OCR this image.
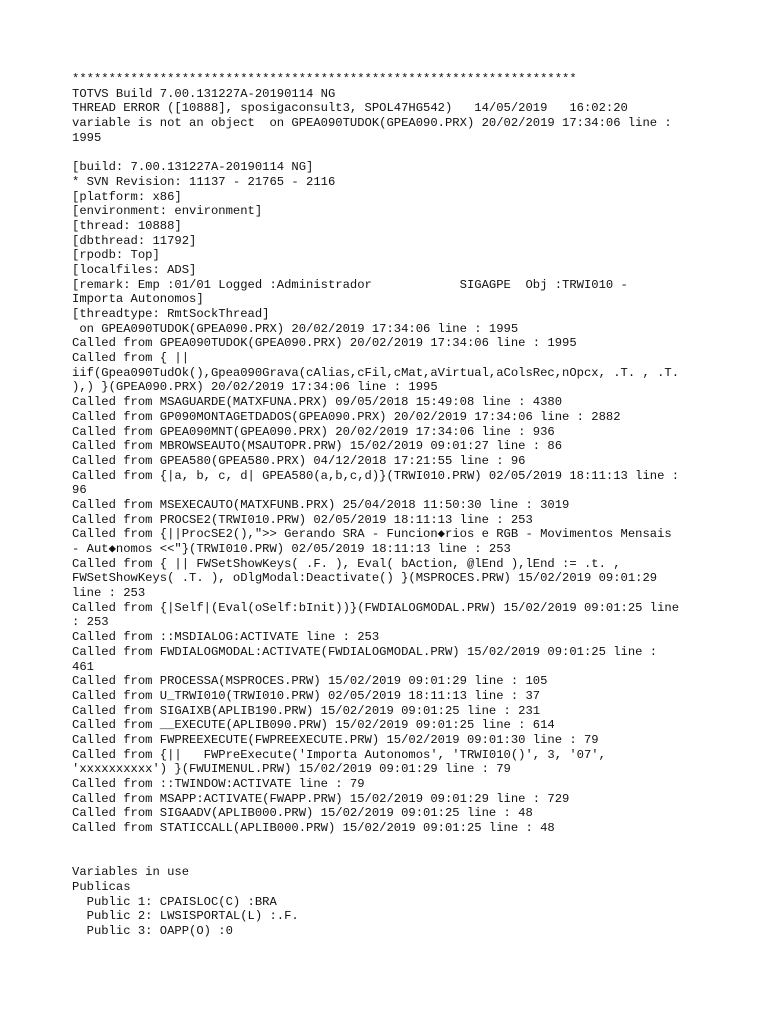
*********************************************************************
TOTVS Build 7.00.131227A-20190114 NG
THREAD ERROR ([10888], sposigaconsult3, SPOL47HG542)   14/05/2019   16:02:20
variable is not an object  on GPEA090TUDOK(GPEA090.PRX) 20/02/2019 17:34:06 line :
1995
[build: 7.00.131227A-20190114 NG]
* SVN Revision: 11137 - 21765 - 2116
[platform: x86]
[environment: environment]
[thread: 10888]
[dbthread: 11792]
[rpodb: Top]
[localfiles: ADS]
[remark: Emp :01/01 Logged :Administrador            SIGAGPE  Obj :TRWI010 -
Importa Autonomos]
[threadtype: RmtSockThread]
on GPEA090TUDOK(GPEA090.PRX) 20/02/2019 17:34:06 line : 1995
Called from GPEA090TUDOK(GPEA090.PRX) 20/02/2019 17:34:06 line : 1995
Called from { ||
iif(Gpea090TudOk(),Gpea090Grava(cAlias,cFil,cMat,aVirtual,aColsRec,nOpcx, .T. , .T.
),) }(GPEA090.PRX) 20/02/2019 17:34:06 line : 1995
Called from MSAGUARDE(MATXFUNA.PRX) 09/05/2018 15:49:08 line : 4380
Called from GP090MONTAGETDADOS(GPEA090.PRX) 20/02/2019 17:34:06 line : 2882
Called from GPEA090MNT(GPEA090.PRX) 20/02/2019 17:34:06 line : 936
Called from MBROWSEAUTO(MSAUTOPR.PRW) 15/02/2019 09:01:27 line : 86
Called from GPEA580(GPEA580.PRX) 04/12/2018 17:21:55 line : 96
Called from {|a, b, c, d| GPEA580(a,b,c,d)}(TRWI010.PRW) 02/05/2019 18:11:13 line :
96
Called from MSEXECAUTO(MATXFUNB.PRX) 25/04/2018 11:50:30 line : 3019
Called from PROCSE2(TRWI010.PRW) 02/05/2019 18:11:13 line : 253
Called from {||ProcSE2(),">> Gerando SRA - Funcion◆rios e RGB - Movimentos Mensais
- Aut◆nomos <<"}(TRWI010.PRW) 02/05/2019 18:11:13 line : 253
Called from { || FWSetShowKeys( .F. ), Eval( bAction, @lEnd ),lEnd := .t. ,
FWSetShowKeys( .T. ), oDlgModal:Deactivate() }(MSPROCES.PRW) 15/02/2019 09:01:29
line : 253
Called from {|Self|(Eval(oSelf:bInit))}(FWDIALOGMODAL.PRW) 15/02/2019 09:01:25 line
: 253
Called from ::MSDIALOG:ACTIVATE line : 253
Called from FWDIALOGMODAL:ACTIVATE(FWDIALOGMODAL.PRW) 15/02/2019 09:01:25 line :
461
Called from PROCESSA(MSPROCES.PRW) 15/02/2019 09:01:29 line : 105
Called from U_TRWI010(TRWI010.PRW) 02/05/2019 18:11:13 line : 37
Called from SIGAIXB(APLIB190.PRW) 15/02/2019 09:01:25 line : 231
Called from __EXECUTE(APLIB090.PRW) 15/02/2019 09:01:25 line : 614
Called from FWPREEXECUTE(FWPREEXECUTE.PRW) 15/02/2019 09:01:30 line : 79
Called from {||   FWPreExecute('Importa Autonomos', 'TRWI010()', 3, '07',
'xxxxxxxxxx') }(FWUIMENUL.PRW) 15/02/2019 09:01:29 line : 79
Called from ::TWINDOW:ACTIVATE line : 79
Called from MSAPP:ACTIVATE(FWAPP.PRW) 15/02/2019 09:01:29 line : 729
Called from SIGAADV(APLIB000.PRW) 15/02/2019 09:01:25 line : 48
Called from STATICCALL(APLIB000.PRW) 15/02/2019 09:01:25 line : 48
Variables in use
Publicas
Public 1: CPAISLOC(C) :BRA
Public 2: LWSISPORTAL(L) :.F.
Public 3: OAPP(O) :0
